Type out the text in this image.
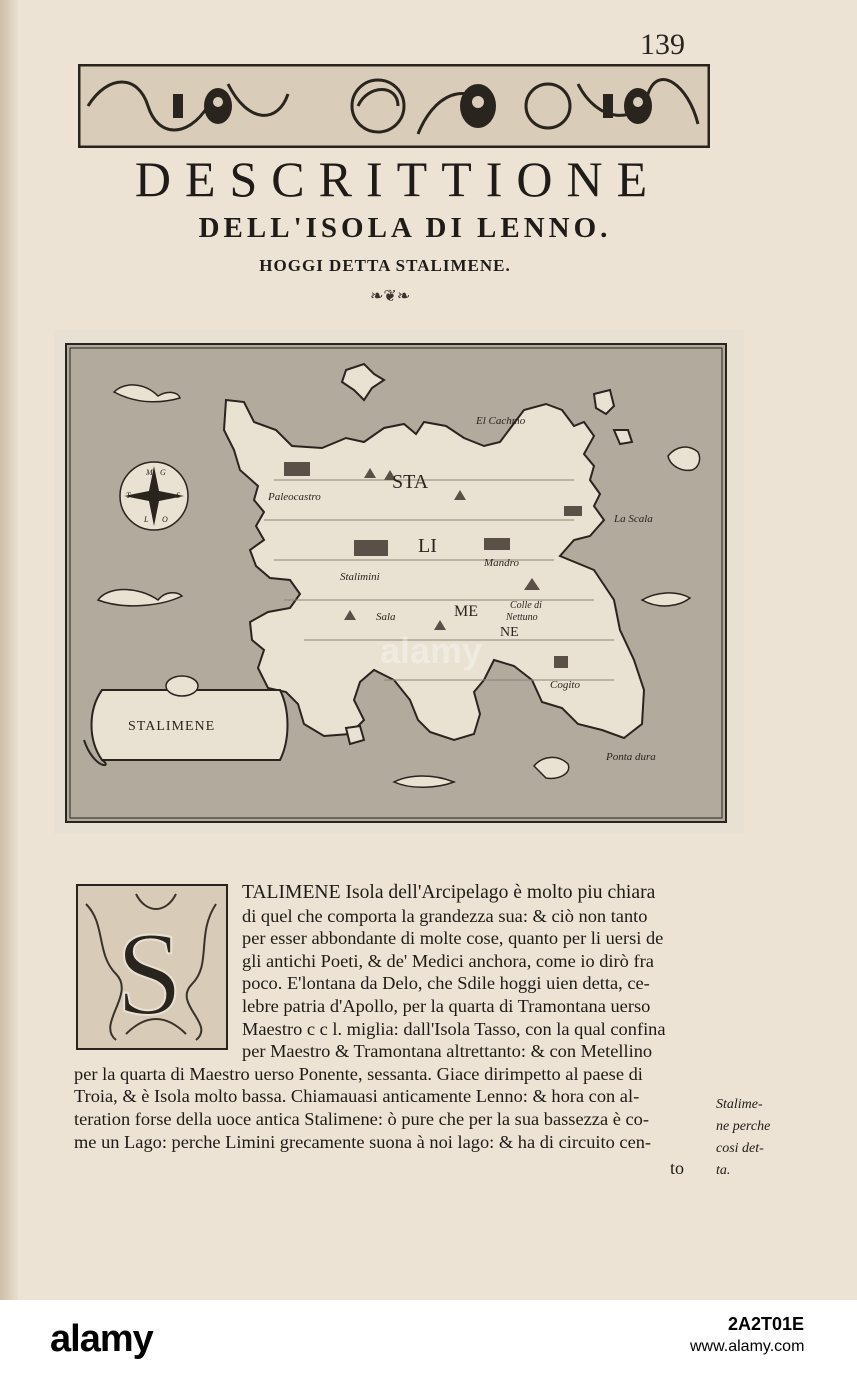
139
DESCRITTIONE
DELL'ISOLA DI LENNO.
HOGGI DETTA STALIMENE.
❧❦❧
M G
S
O
L
T
STALIMENE
STA
LI
ME
NE
El Cachmo
Paleocastro
La Scala
Stalimini
Mandro
Colle di
Nettuno
Sala
Cogito
Ponta dura
S
TALIMENE Isola dell'Arcipelago è molto piu chiara
di quel che comporta la grandezza sua: & ciò non tanto
per esser abbondante di molte cose, quanto per li uersi de
gli antichi Poeti, & de' Medici anchora, come io dirò fra
poco. E'lontana da Delo, che Sdile hoggi uien detta, ce-
lebre patria d'Apollo, per la quarta di Tramontana uerso
Maestro c c l. miglia: dall'Isola Tasso, con la qual confina
per Maestro & Tramontana altrettanto: & con Metellino
per la quarta di Maestro uerso Ponente, sessanta. Giace dirimpetto al paese di
Troia, & è Isola molto bassa. Chiamauasi anticamente Lenno: & hora con al-
teration forse della uoce antica Stalimene: ò pure che per la sua bassezza è co-
me un Lago: perche Limini grecamente suona à noi lago: & ha di circuito cen-
Stalime-
ne perche
cosi det-
ta.
to
alamy
alamy	2A2T01E
www.alamy.com
